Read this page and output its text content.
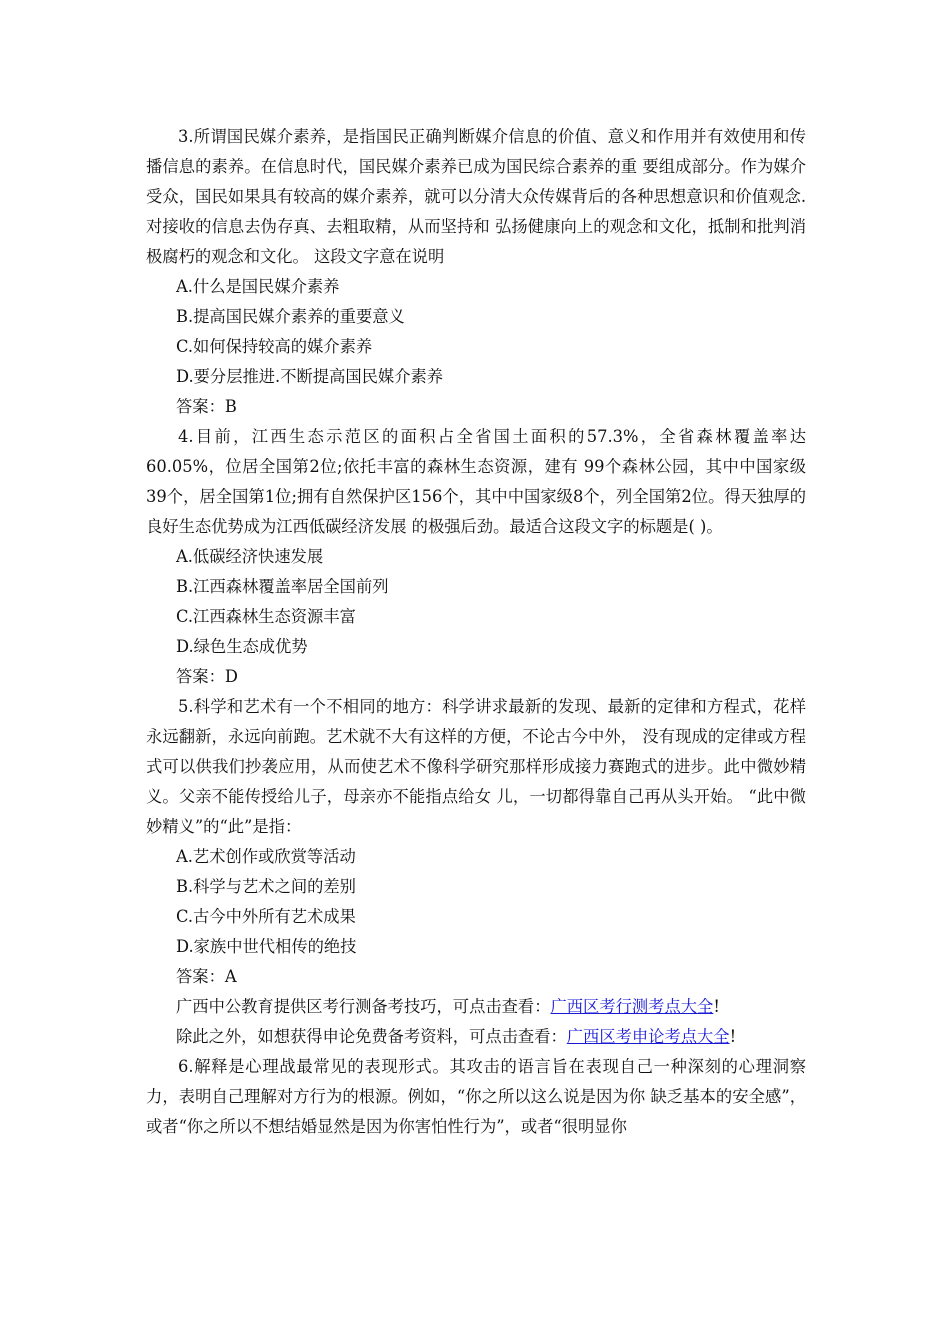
3.所谓国民媒介素养，是指国民正确判断媒介信息的价值、意义和作用并有效使用和传播信息的素养。在信息时代，国民媒介素养已成为国民综合素养的重 要组成部分。作为媒介受众，国民如果具有较高的媒介素养，就可以分清大众传媒背后的各种思想意识和价值观念.对接收的信息去伪存真、去粗取精，从而坚持和 弘扬健康向上的观念和文化，抵制和批判消极腐朽的观念和文化。 这段文字意在说明

A.什么是国民媒介素养

B.提高国民媒介素养的重要意义

C.如何保持较高的媒介素养

D.要分层推进.不断提高国民媒介素养

答案：B

4.目前，江西生态示范区的面积占全省国土面积的57.3%，全省森林覆盖率达60.05%，位居全国第2位;依托丰富的森林生态资源，建有 99个森林公园，其中中国家级39个，居全国第1位;拥有自然保护区156个，其中中国家级8个，列全国第2位。得天独厚的良好生态优势成为江西低碳经济发展 的极强后劲。最适合这段文字的标题是( )。

A.低碳经济快速发展

B.江西森林覆盖率居全国前列

C.江西森林生态资源丰富

D.绿色生态成优势

答案：D

5.科学和艺术有一个不相同的地方：科学讲求最新的发现、最新的定律和方程式，花样永远翻新，永远向前跑。艺术就不大有这样的方便，不论古今中外， 没有现成的定律或方程式可以供我们抄袭应用，从而使艺术不像科学研究那样形成接力赛跑式的进步。此中微妙精义。父亲不能传授给儿子，母亲亦不能指点给女 儿，一切都得靠自己再从头开始。 “此中微妙精义”的“此”是指：

A.艺术创作或欣赏等活动

B.科学与艺术之间的差别

C.古今中外所有艺术成果

D.家族中世代相传的绝技

答案：A

广西中公教育提供区考行测备考技巧，可点击查看：广西区考行测考点大全!

除此之外，如想获得申论免费备考资料，可点击查看：广西区考申论考点大全!

6.解释是心理战最常见的表现形式。其攻击的语言旨在表现自己一种深刻的心理洞察力，表明自己理解对方行为的根源。例如，“你之所以这么说是因为你 缺乏基本的安全感”，或者“你之所以不想结婚显然是因为你害怕性行为”，或者“很明显你
